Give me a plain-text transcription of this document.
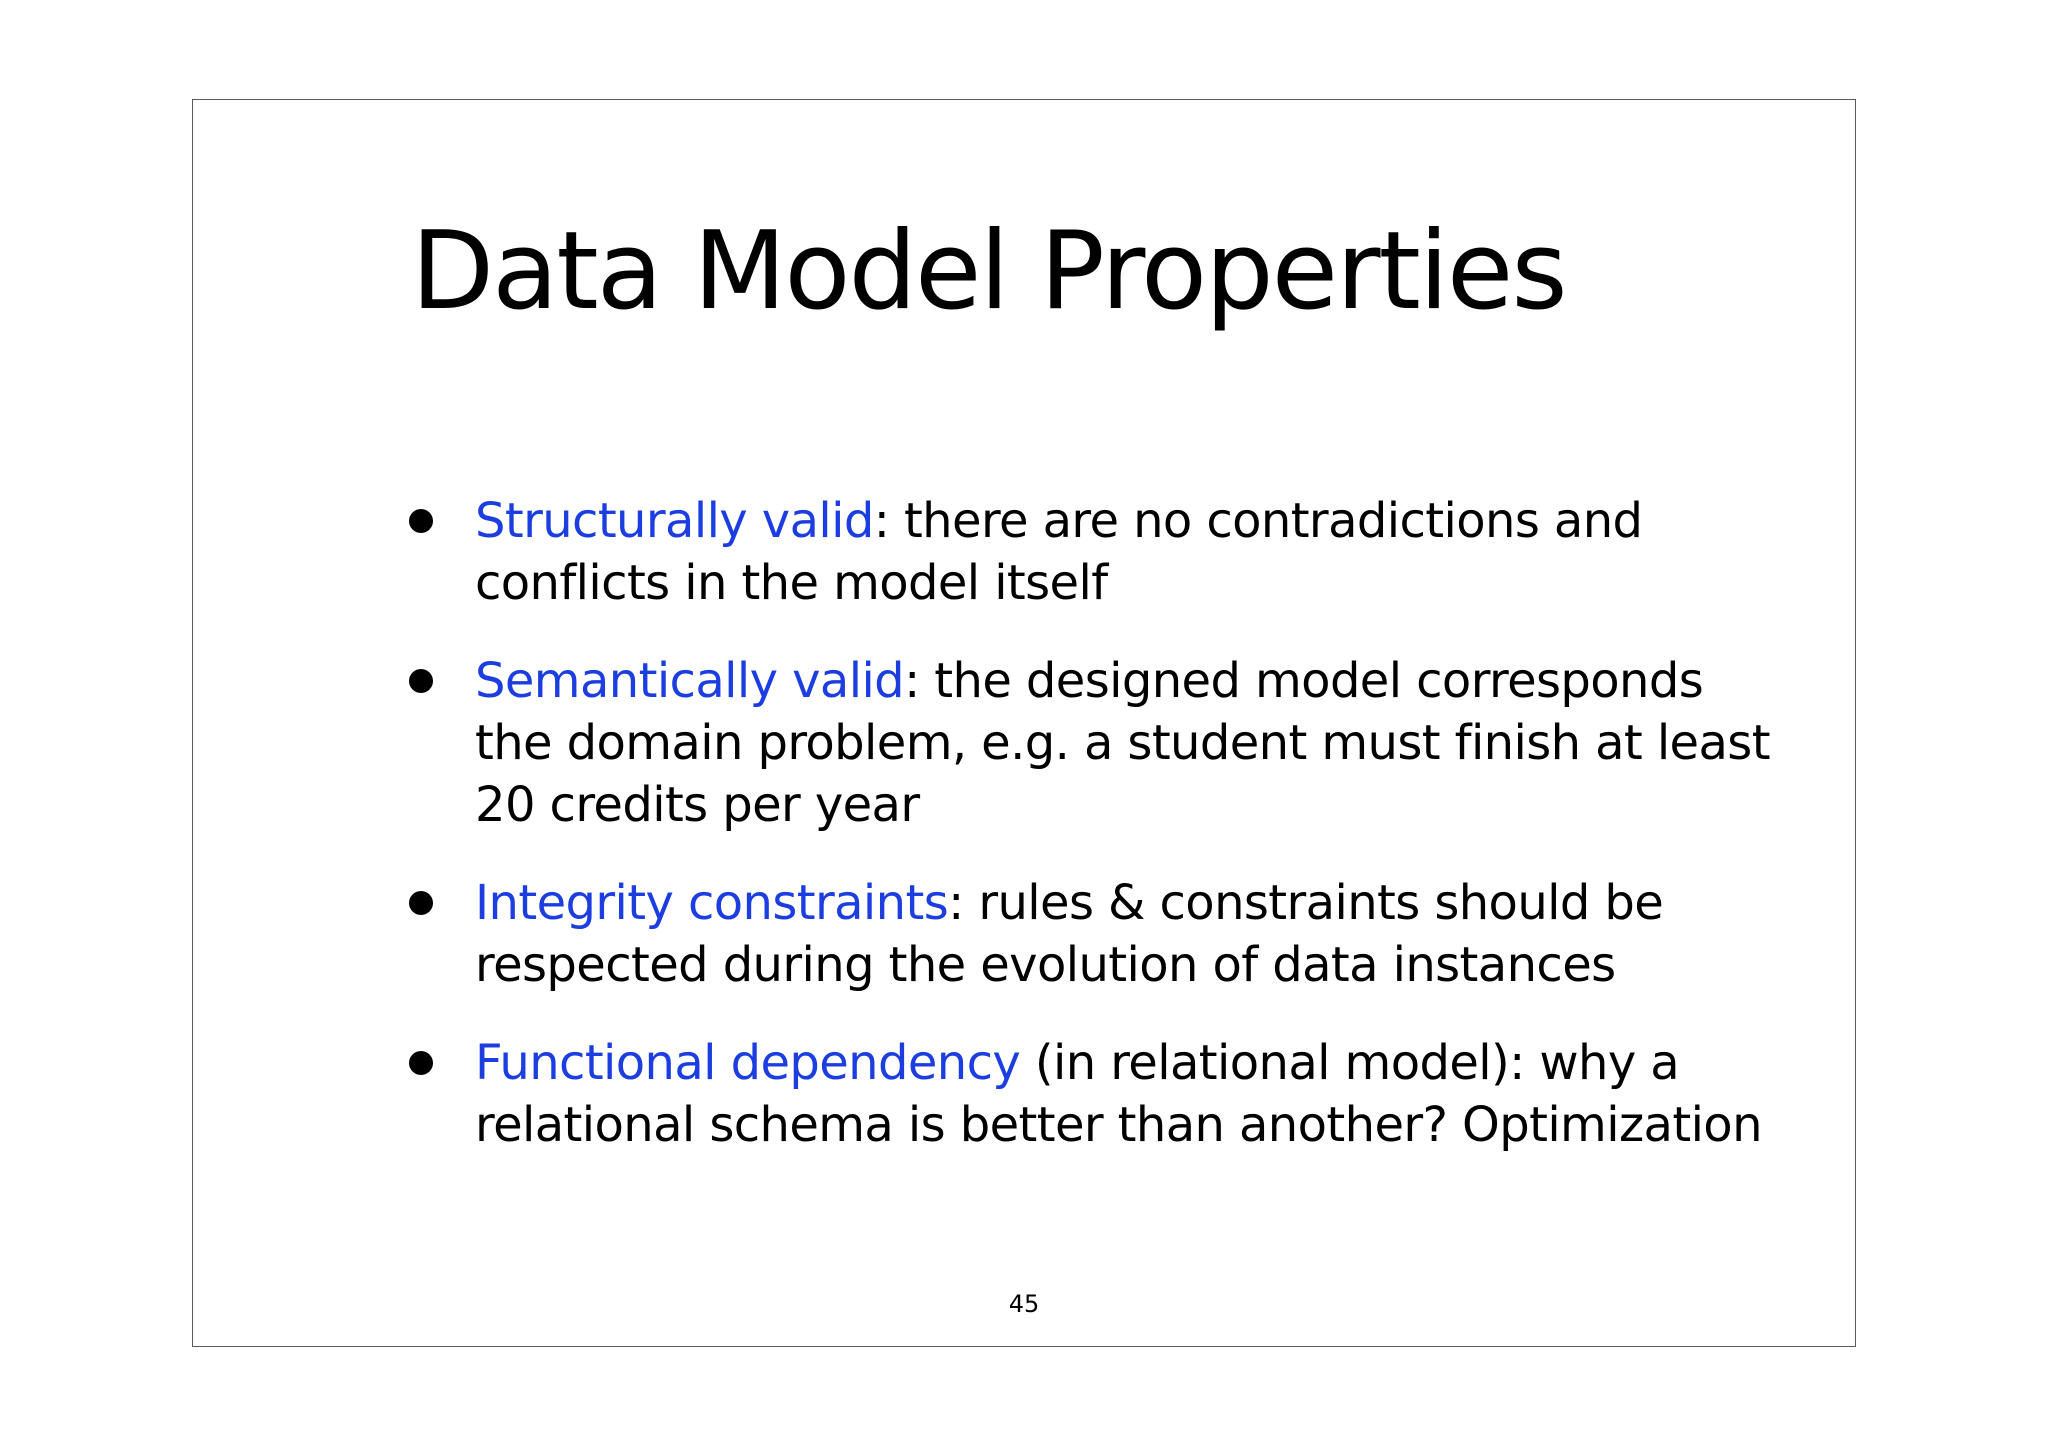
Data Model Properties
Structurally valid: there are no contradictions and conflicts in the model itself
Semantically valid: the designed model corresponds the domain problem, e.g. a student must finish at least 20 credits per year
Integrity constraints: rules & constraints should be respected during the evolution of data instances
Functional dependency (in relational model): why a relational schema is better than another? Optimization
45
